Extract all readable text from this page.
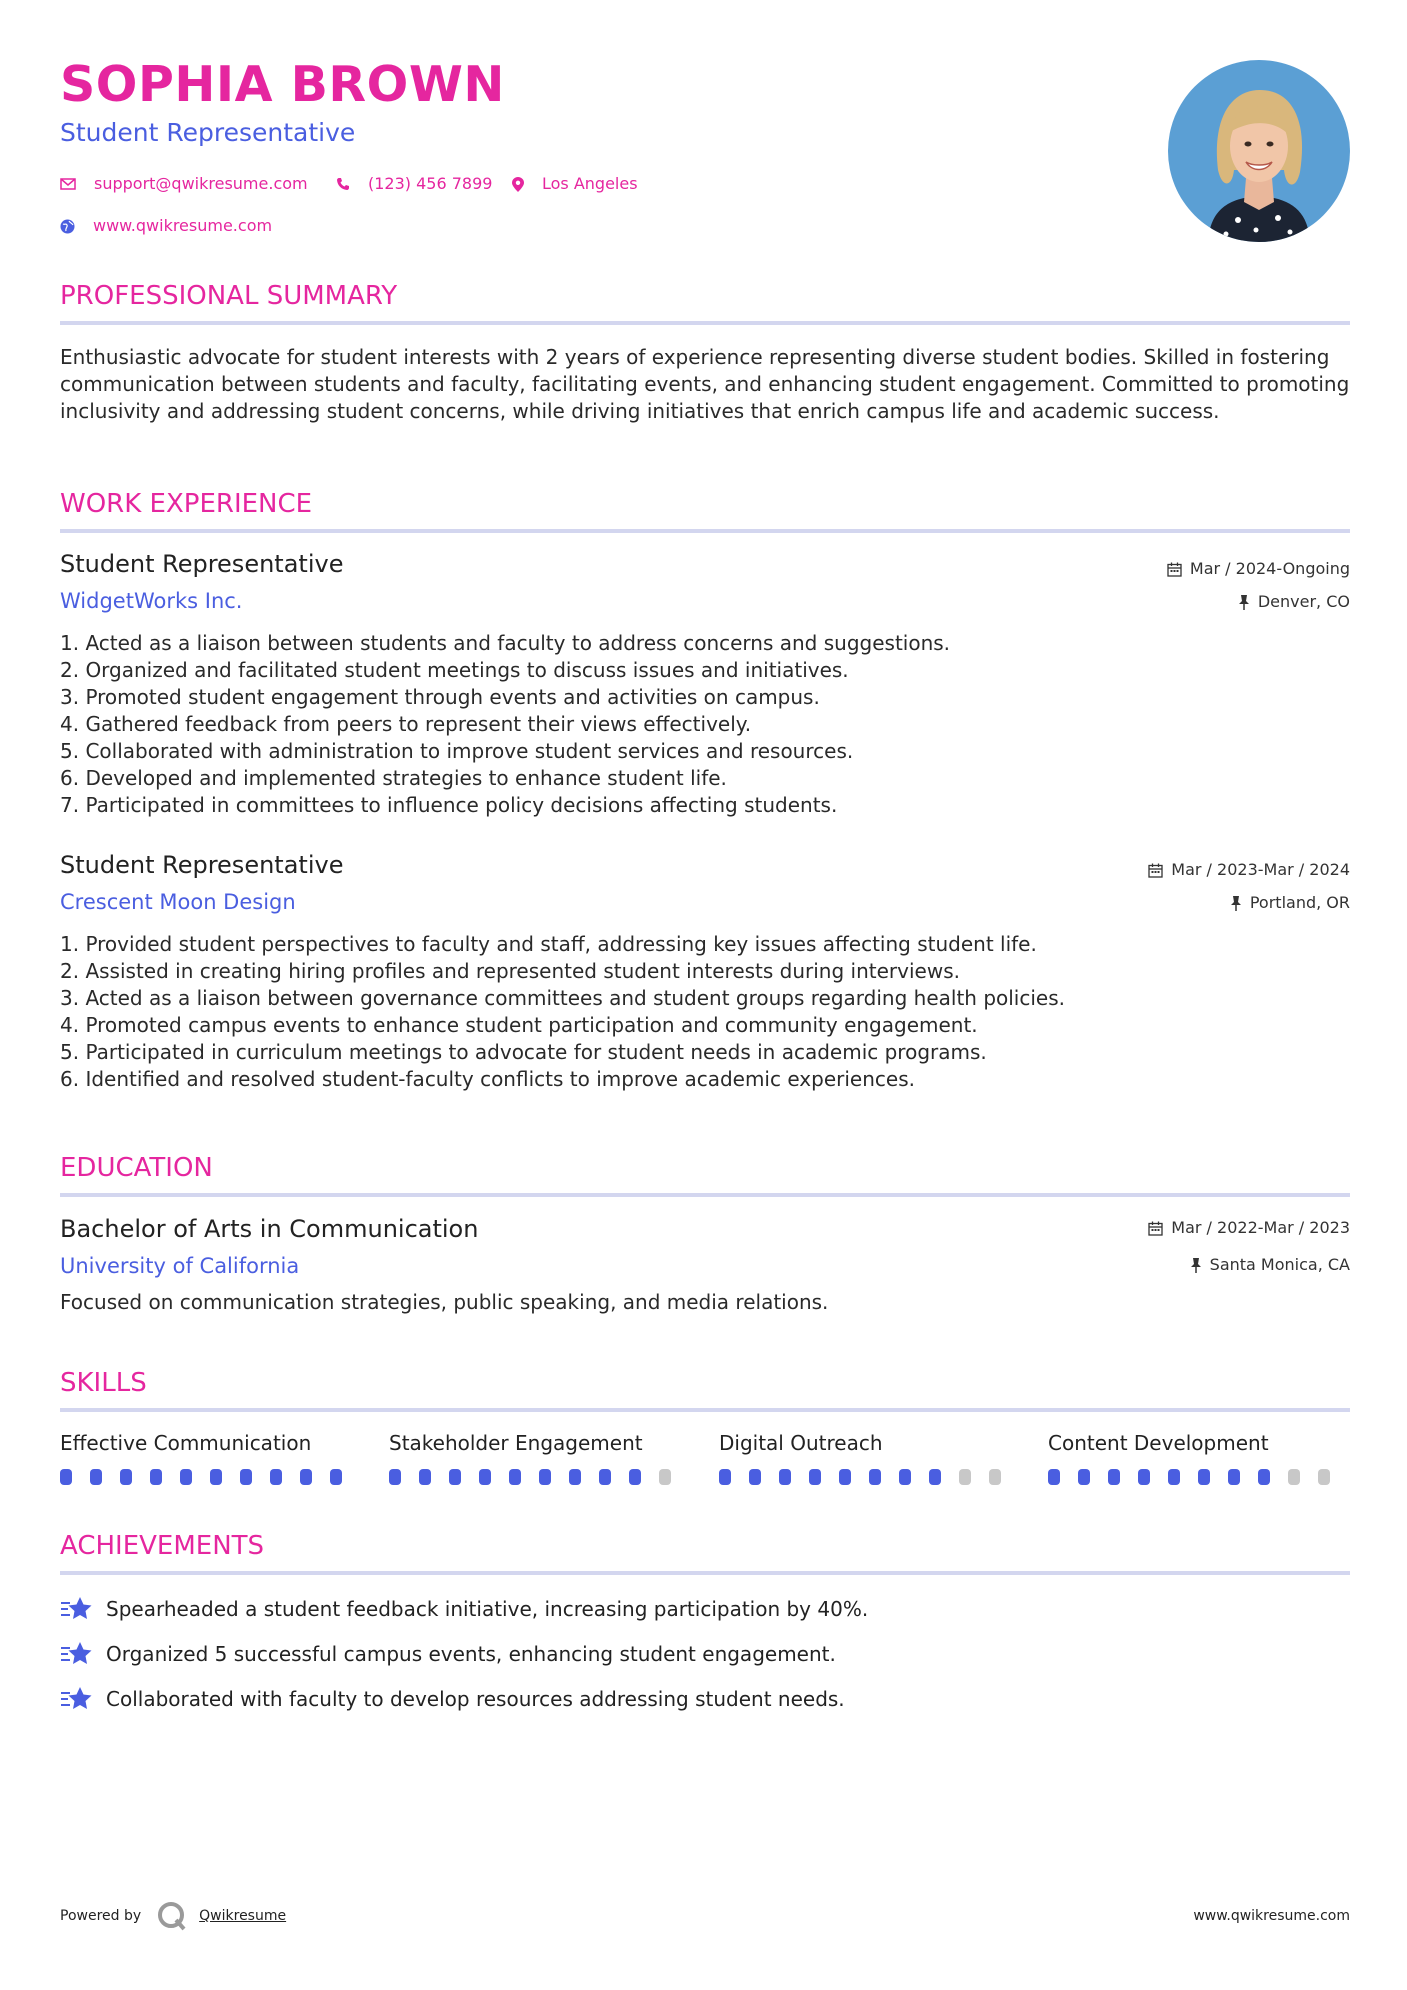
SOPHIA BROWN
Student Representative
support@qwikresume.com	(123) 456 7899	Los Angeles
www.qwikresume.com
PROFESSIONAL SUMMARY
Enthusiastic advocate for student interests with 2 years of experience representing diverse student bodies. Skilled in fostering communication between students and faculty, facilitating events, and enhancing student engagement. Committed to promoting inclusivity and addressing student concerns, while driving initiatives that enrich campus life and academic success.
WORK EXPERIENCE
Student Representative
WidgetWorks Inc.
Mar / 2024-Ongoing
Denver, CO
1. Acted as a liaison between students and faculty to address concerns and suggestions.
2. Organized and facilitated student meetings to discuss issues and initiatives.
3. Promoted student engagement through events and activities on campus.
4. Gathered feedback from peers to represent their views effectively.
5. Collaborated with administration to improve student services and resources.
6. Developed and implemented strategies to enhance student life.
7. Participated in committees to influence policy decisions affecting students.
Student Representative
Crescent Moon Design
Mar / 2023-Mar / 2024
Portland, OR
1. Provided student perspectives to faculty and staff, addressing key issues affecting student life.
2. Assisted in creating hiring profiles and represented student interests during interviews.
3. Acted as a liaison between governance committees and student groups regarding health policies.
4. Promoted campus events to enhance student participation and community engagement.
5. Participated in curriculum meetings to advocate for student needs in academic programs.
6. Identified and resolved student-faculty conflicts to improve academic experiences.
EDUCATION
Bachelor of Arts in Communication
University of California
Mar / 2022-Mar / 2023
Santa Monica, CA
Focused on communication strategies, public speaking, and media relations.
SKILLS
Effective Communication	Stakeholder Engagement	Digital Outreach	Content Development
ACHIEVEMENTS
Spearheaded a student feedback initiative, increasing participation by 40%.
Organized 5 successful campus events, enhancing student engagement.
Collaborated with faculty to develop resources addressing student needs.
Powered by	Qwikresume	www.qwikresume.com
